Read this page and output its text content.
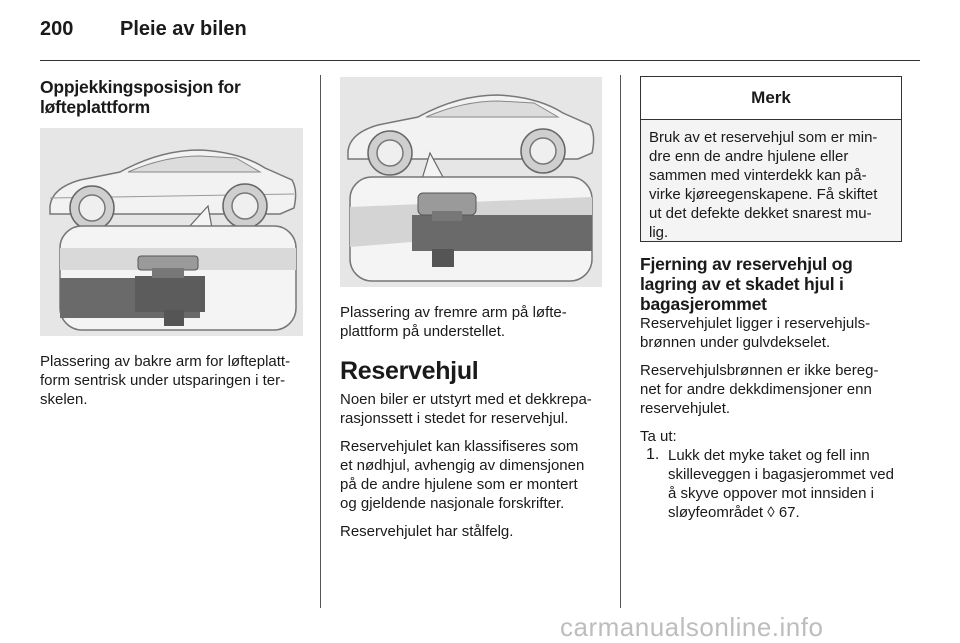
200 Pleie av bilen
Oppjekkingsposisjon for
løfteplattform

Plassering av bakre arm for løfteplatt-

form sentrisk under utsparingen i ter-

skelen.

Plassering av fremre arm på løfte-

plattform på understellet.

Reservehjul

Noen biler er utstyrt med et dekkrepa-

rasjonssett i stedet for reservehjul.

Reservehjulet kan klassifiseres som

et nødhjul, avhengig av dimensjonen

på de andre hjulene som er montert

og gjeldende nasjonale forskrifter.

Reservehjulet har stålfelg.

Merk
Bruk av et reservehjul som er min-
dre enn de andre hjulene eller
sammen med vinterdekk kan på-
virke kjøreegenskapene. Få skiftet
ut det defekte dekket snarest mu-
lig.
Fjerning av reservehjul og
lagring av et skadet hjul i
bagasjerommet

Reservehjulet ligger i reservehjuls-

brønnen under gulvdekselet.

Reservehjulsbrønnen er ikke bereg-

net for andre dekkdimensjoner enn

reservehjulet.

Ta ut:

1. Lukk det myke taket og fell inn

skilleveggen i bagasjerommet ved

å skyve oppover mot innsiden i

sløyfeområdet ◊ 67.

carmanualsonline.info
